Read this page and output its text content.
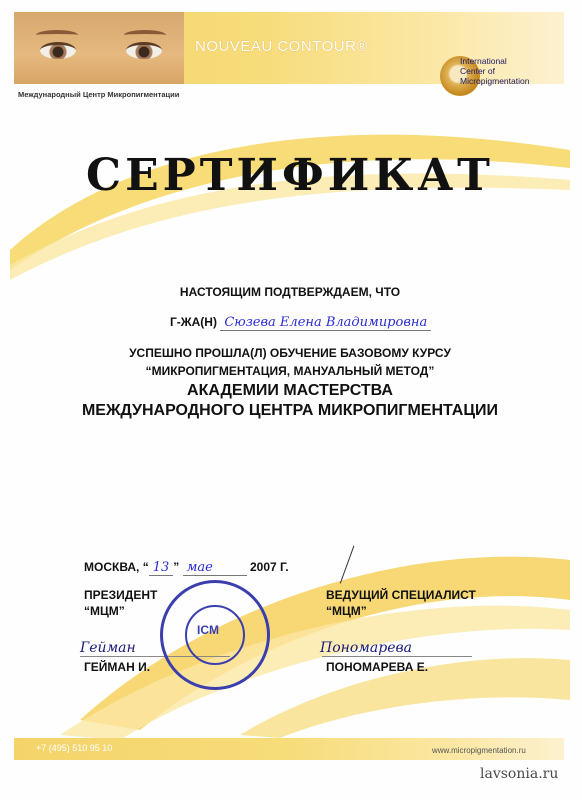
NOUVEAU CONTOUR®
Международный Центр Микропигментации
International
Center of
Micropigmentation
СЕРТИФИКАТ
НАСТОЯЩИМ ПОДТВЕРЖДАЕМ, ЧТО
Г-ЖА(Н) Сюзева Елена Владимировна
УСПЕШНО ПРОШЛА(Л) ОБУЧЕНИЕ БАЗОВОМУ КУРСУ
“МИКРОПИГМЕНТАЦИЯ, МАНУАЛЬНЫЙ МЕТОД”
АКАДЕМИИ МАСТЕРСТВА
МЕЖДУНАРОДНОГО ЦЕНТРА МИКРОПИГМЕНТАЦИИ
МОСКВА, “ 13 ” мае	2007 Г.
ПРЕЗИДЕНТ
“МЦМ”
Гейман
ГЕЙМАН И.
ICM
ВЕДУЩИЙ СПЕЦИАЛИСТ
“МЦМ”
Пономарева
ПОНОМАРЕВА Е.
+7 (495) 510 95 10	www.micropigmentation.ru
lavsonia.ru
